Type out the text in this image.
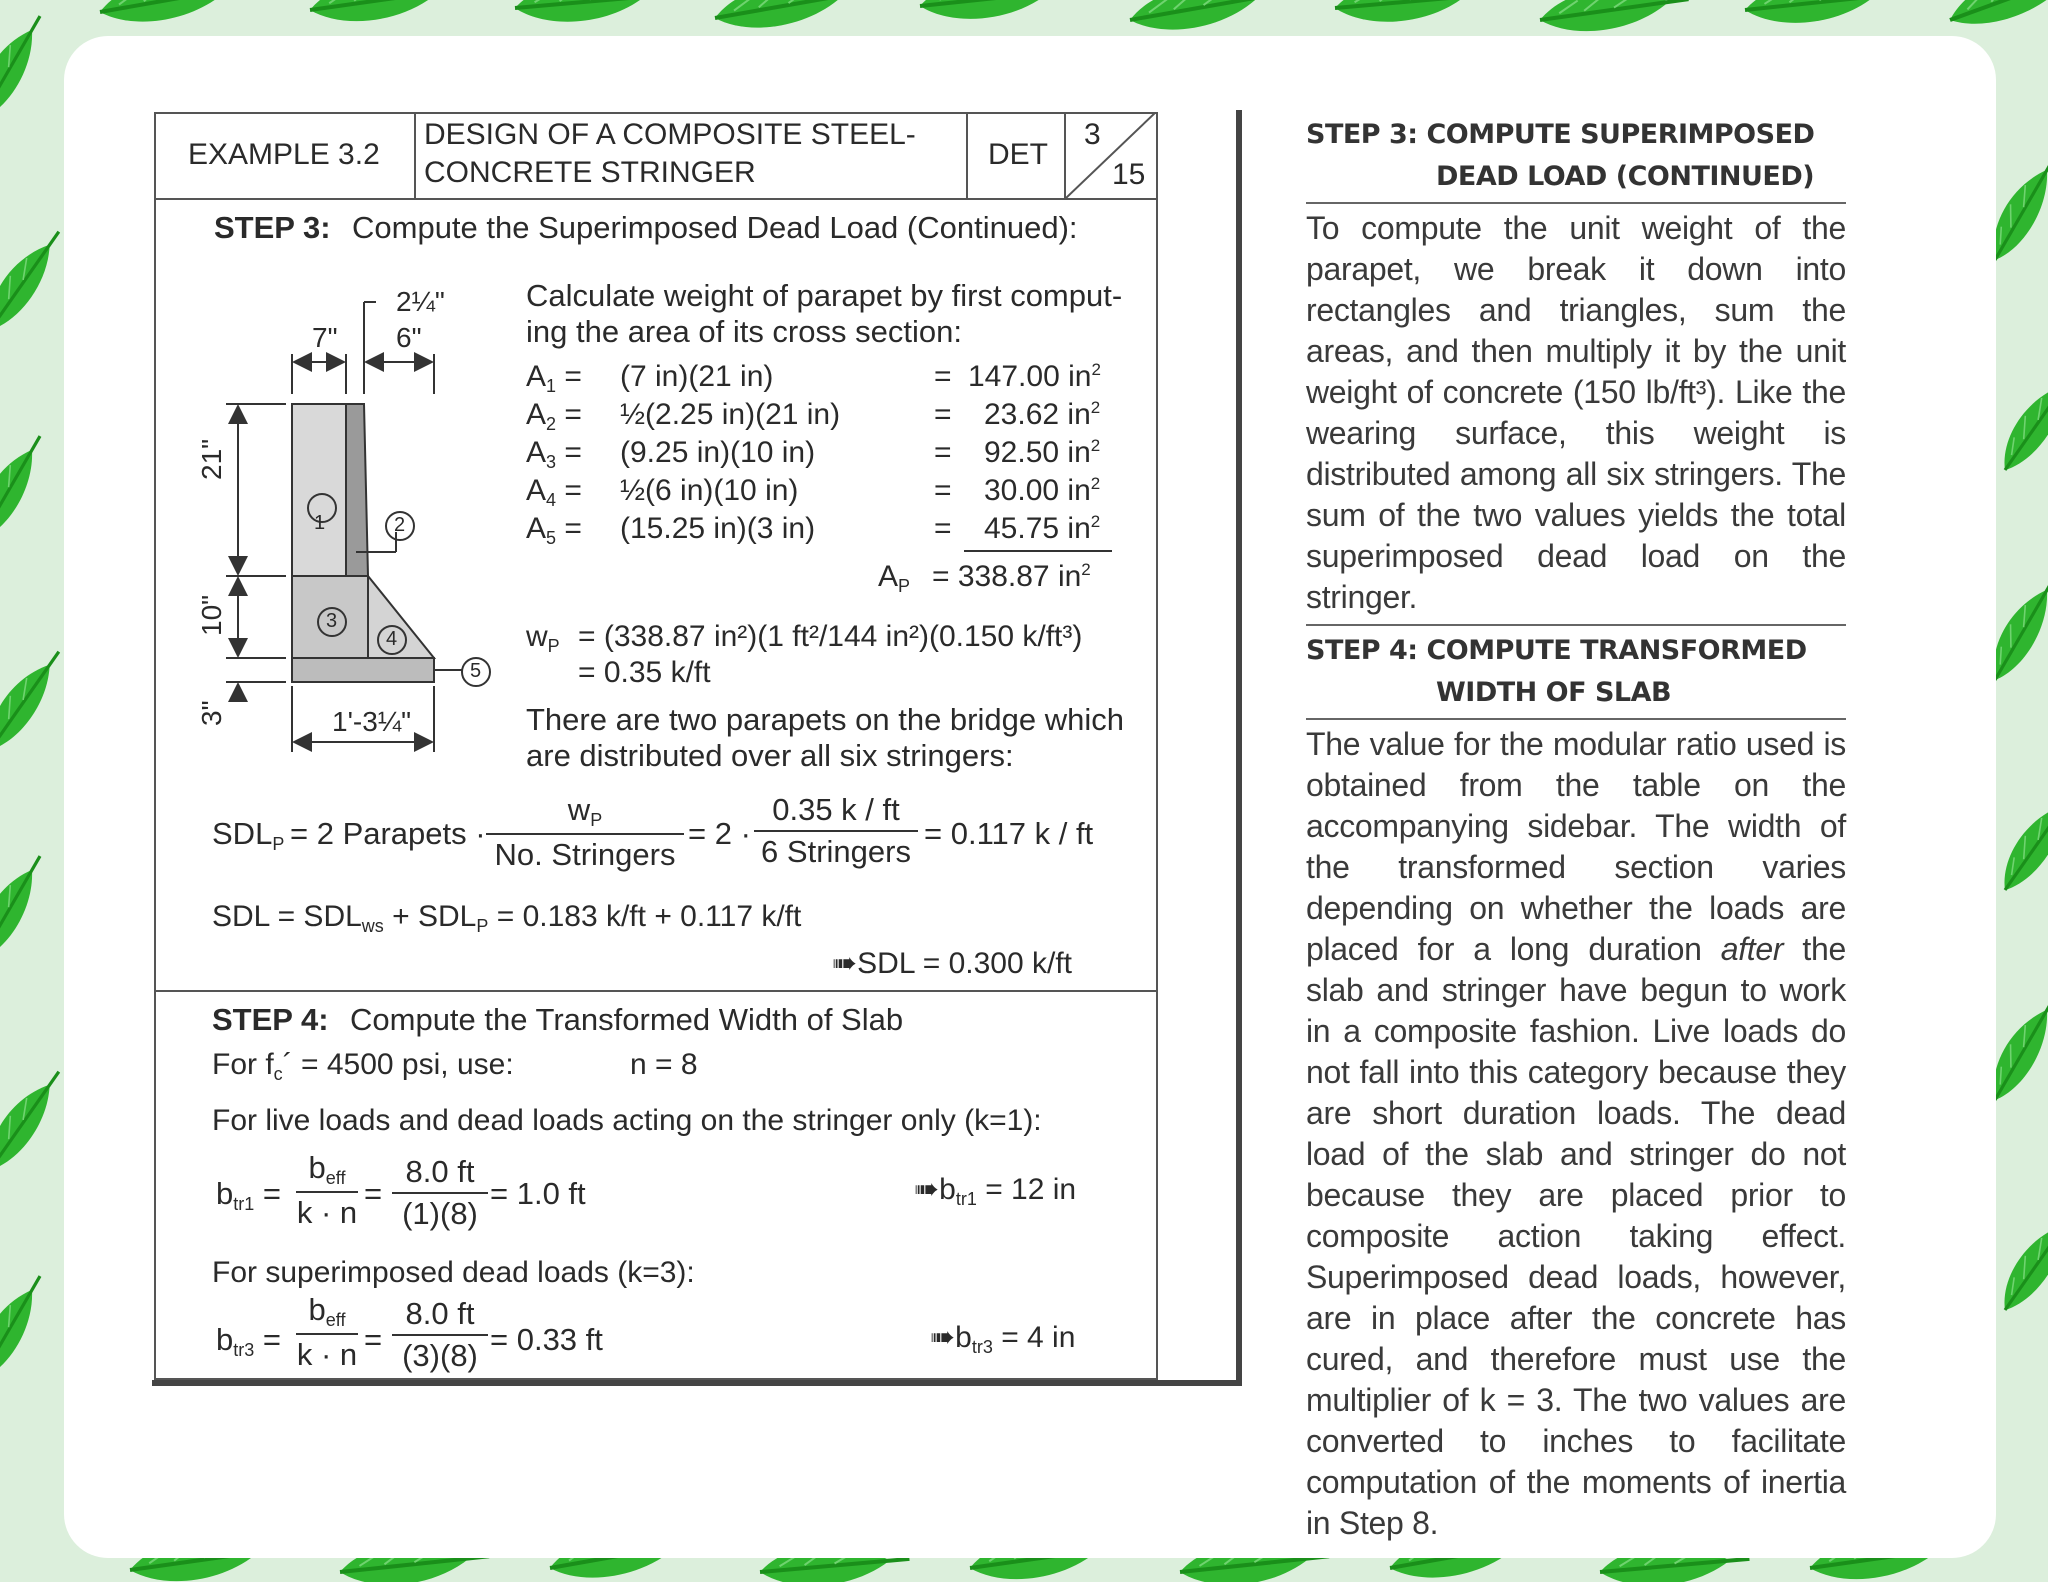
EXAMPLE 3.2
DESIGN OF A COMPOSITE STEEL-
CONCRETE STRINGER
DET
3
15
STEP 3: Compute the Superimposed Dead Load (Continued):
1	2
3
4
5
2¼"
7" 6"
21"
10"
3"	1'-3¼"
Calculate weight of parapet by first comput-
ing the area of its cross section:
$A_1 = (7$ in)(21 in)	= 147.00 $in^2$
$A_2$ = ½(2.25 in)(21 in)	= 23.62 $in^2$
$A_3 = (9.25$ in)(10 in)	= 92.50 $in^2$
$A_4$ = ½(6 in)(10 in)	= 30.00 $in^2$
$A_5 = (15.25$ in)(3 in)	= 45.75 $in^2$
$A_P = 338.87$ $in^2$
$w_P = (338.87$ in²)(1 ft²/144 in²)(0.150 k/ft³)
= 0.35 k/ft
There are two parapets on the bridge which
are distributed over all six stringers:
$SDL_P = 2$ Parapets ·
$w_P$
No. Stringers
= 2 ·
0.35 k / ft
6 Stringers
= 0.117 k / ft
SDL = $SDL_{ws} + SDL_P = 0.183$ k/ft + 0.117 k/ft
➠SDL = 0.300 k/ft
STEP 4: Compute the Transformed Width of Slab
For $f_c´ = 4500$ psi, use:	n = 8
For live loads and dead loads acting on the stringer only (k=1):
$b_{tr1}$ =
$b_{eff}$
k · n
= $\frac{8.0 ft}{(1)(8)} = 1.0$ ft	$➠b_{tr1} = 12$ in
For superimposed dead loads (k=3):
$b_{tr3}$ =
$b_{eff}$
$k \cdot n = \frac{8.0 ft}{(3)(8)} = 0.33$ ft	$➠b_{tr3} = 4$ in
STEP 3: COMPUTE SUPERIMPOSED
DEAD LOAD (CONTINUED)
To compute the unit weight of the parapet, we break it down into rectangles and triangles, sum the areas, and then multiply it by the unit weight of concrete (150 lb/ft³). Like the wearing surface, this weight is distributed among all six stringers. The sum of the two values yields the total superimposed dead load on the stringer.
STEP 4: COMPUTE TRANSFORMED
WIDTH OF SLAB
The value for the modular ratio used is obtained from the table on the accompanying sidebar. The width of the transformed section varies depending on whether the loads are placed for a long duration after the slab and stringer have begun to work in a composite fashion. Live loads do not fall into this category because they are short duration loads. The dead load of the slab and stringer do not because they are placed prior to composite action taking effect. Superimposed dead loads, however, are in place after the concrete has cured, and therefore must use the multiplier of k = 3. The two values are converted to inches to facilitate computation of the moments of inertia in Step 8.
